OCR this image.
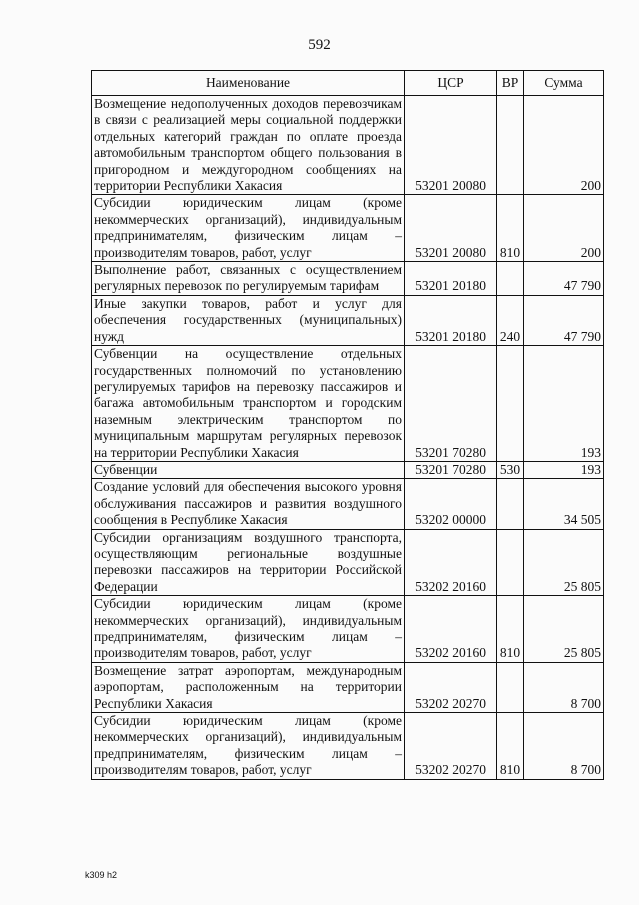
592
Наименование	ЦСР	ВР	Сумма
Возмещение недополученных доходов перевозчикам в связи с реализацией меры социальной поддержки отдельных категорий граждан по оплате проезда автомобильным транспортом общего пользования в пригородном и междугородном сообщениях на территории Республики Хакасия	53201 20080		200
Субсидии юридическим лицам (кроме некоммерческих организаций), индивидуальным предпринимателям, физическим лицам – производителям товаров, работ, услуг	53201 20080	810	200
Выполнение работ, связанных с осуществлением регулярных перевозок по регулируемым тарифам	53201 20180		47 790
Иные закупки товаров, работ и услуг для обеспечения государственных (муниципальных) нужд	53201 20180	240	47 790
Субвенции на осуществление отдельных государственных полномочий по установлению регулируемых тарифов на перевозку пассажиров и багажа автомобильным транспортом и городским наземным электрическим транспортом по муниципальным маршрутам регулярных перевозок на территории Республики Хакасия	53201 70280		193
Субвенции	53201 70280	530	193
Создание условий для обеспечения высокого уровня обслуживания пассажиров и развития воздушного сообщения в Республике Хакасия	53202 00000		34 505
Субсидии организациям воздушного транспорта, осуществляющим региональные воздушные перевозки пассажиров на территории Российской Федерации	53202 20160		25 805
Субсидии юридическим лицам (кроме некоммерческих организаций), индивидуальным предпринимателям, физическим лицам – производителям товаров, работ, услуг	53202 20160	810	25 805
Возмещение затрат аэропортам, международным аэропортам, расположенным на территории Республики Хакасия	53202 20270		8 700
Субсидии юридическим лицам (кроме некоммерческих организаций), индивидуальным предпринимателям, физическим лицам – производителям товаров, работ, услуг	53202 20270	810	8 700
k309 h2
